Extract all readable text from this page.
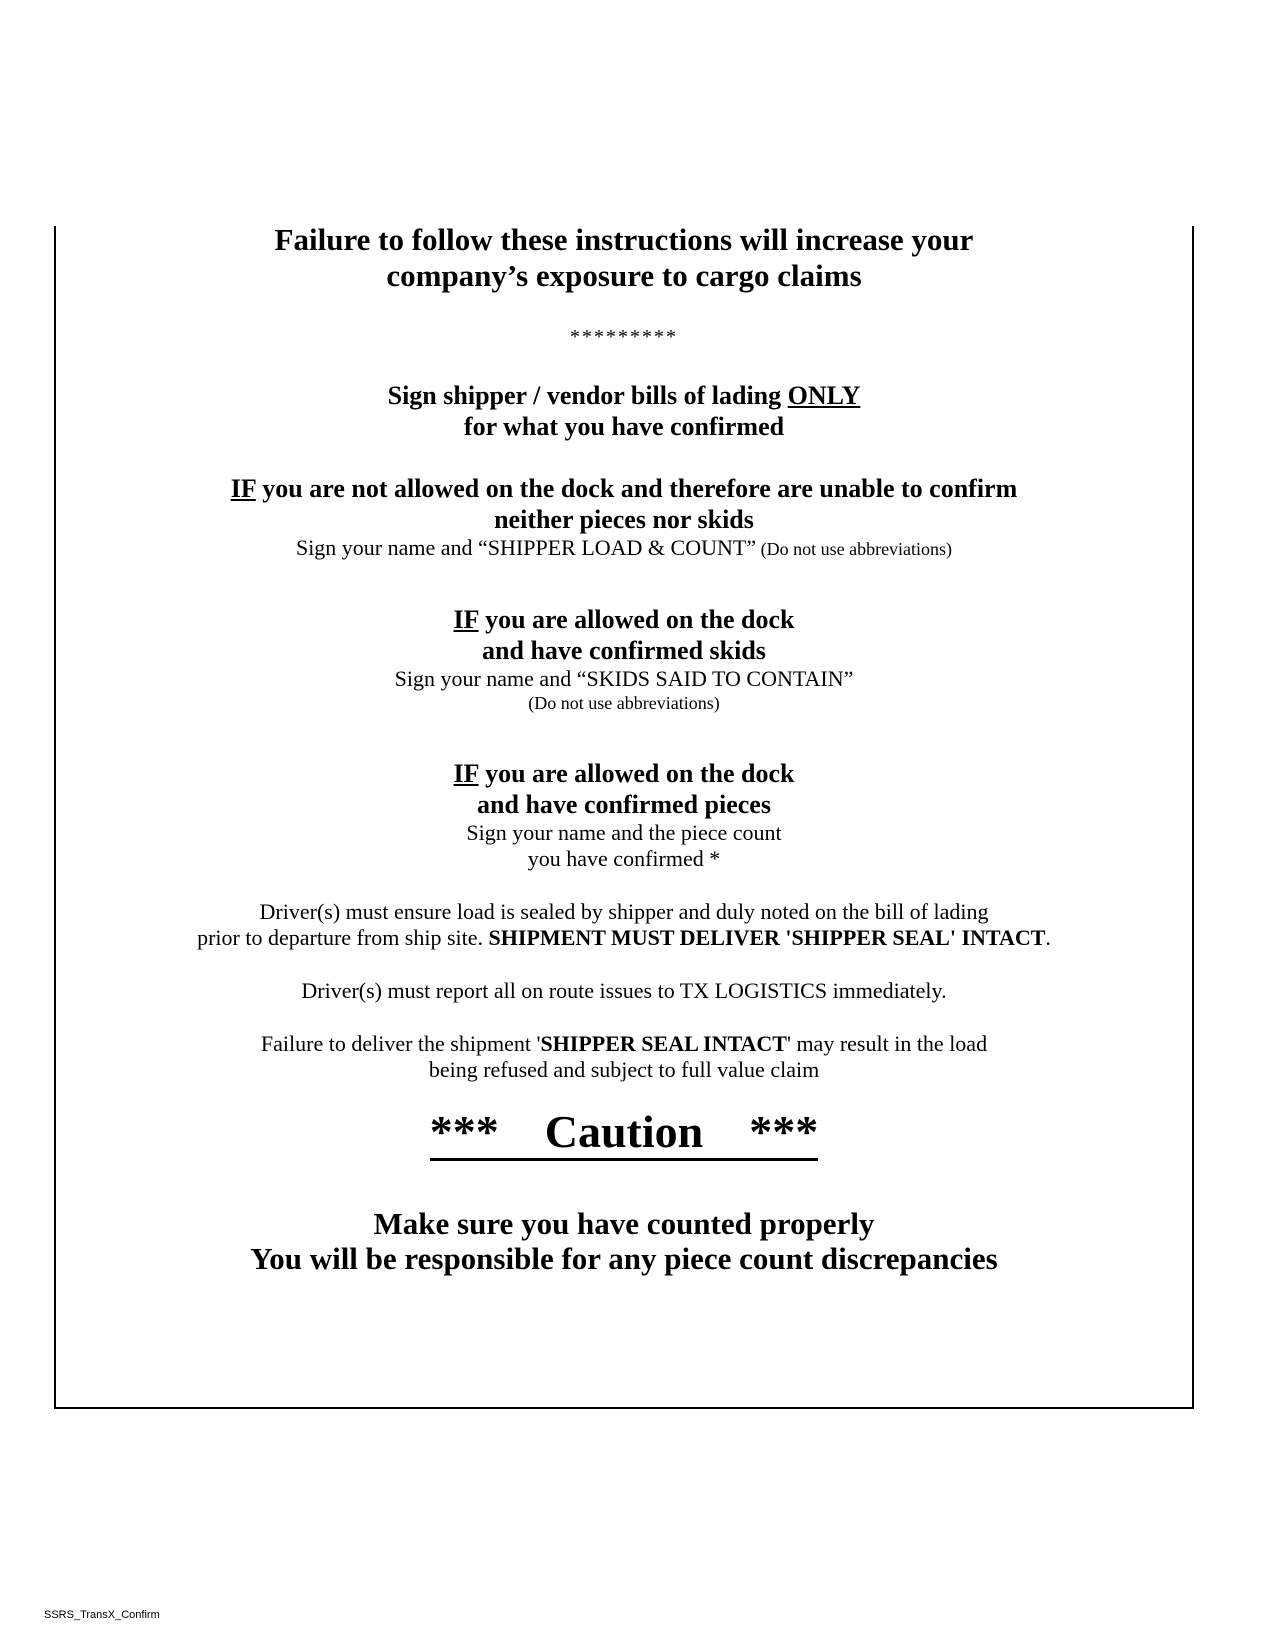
Failure to follow these instructions will increase your
company’s exposure to cargo claims
*********
Sign shipper / vendor bills of lading ONLY
for what you have confirmed
IF you are not allowed on the dock and therefore are unable to confirm
neither pieces nor skids
Sign your name and “SHIPPER LOAD & COUNT” (Do not use abbreviations)
IF you are allowed on the dock
and have confirmed skids
Sign your name and “SKIDS SAID TO CONTAIN”
(Do not use abbreviations)
IF you are allowed on the dock
and have confirmed pieces
Sign your name and the piece count
you have confirmed *
Driver(s) must ensure load is sealed by shipper and duly noted on the bill of lading
prior to departure from ship site. SHIPMENT MUST DELIVER 'SHIPPER SEAL' INTACT.
Driver(s) must report all on route issues to TX LOGISTICS immediately.
Failure to deliver the shipment 'SHIPPER SEAL INTACT' may result in the load
being refused and subject to full value claim
***    Caution    ***
Make sure you have counted properly
You will be responsible for any piece count discrepancies
SSRS_TransX_Confirm
